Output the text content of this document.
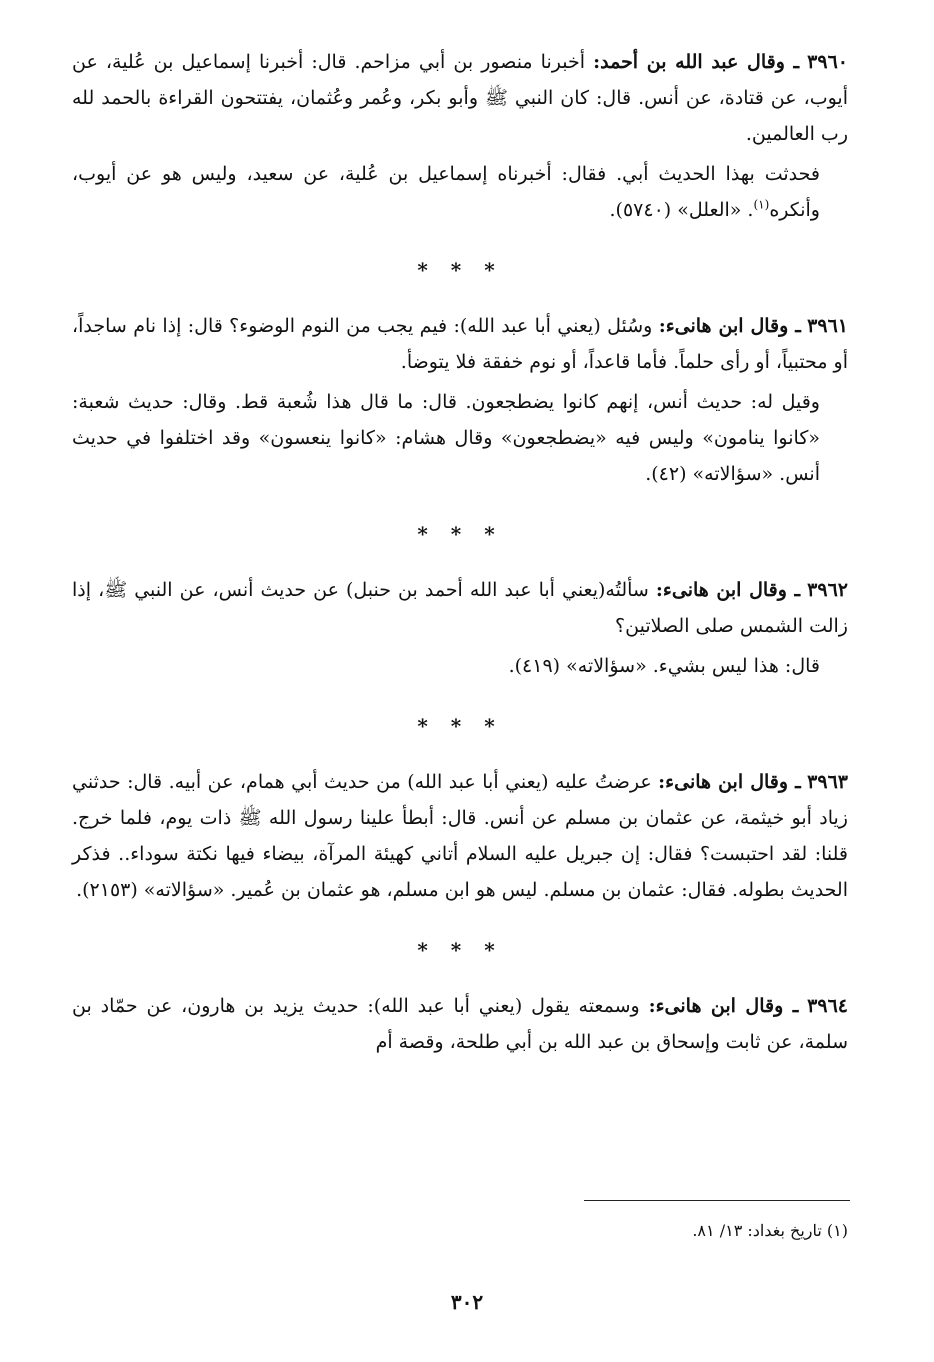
٣٩٦٠ ـ وقال عبد الله بن أحمد: أخبرنا منصور بن أبي مزاحم. قال: أخبرنا إسماعيل بن عُلية، عن أيوب، عن قتادة، عن أنس. قال: كان النبي ﷺ وأبو بكر، وعُمر وعُثمان، يفتتحون القراءة بالحمد لله رب العالمين.

فحدثت بهذا الحديث أبي. فقال: أخبرناه إسماعيل بن عُلية، عن سعيد، وليس هو عن أيوب، وأنكره$^{(١)}$. «العلل» (٥٧٤٠).

* * *

٣٩٦١ ـ وقال ابن هانىء: وسُئل (يعني أبا عبد الله): فيم يجب من النوم الوضوء؟ قال: إذا نام ساجداً، أو محتبياً، أو رأى حلماً. فأما قاعداً، أو نوم خفقة فلا يتوضأ.

وقيل له: حديث أنس، إنهم كانوا يضطجعون. قال: ما قال هذا شُعبة قط. وقال: حديث شعبة: «كانوا ينامون» وليس فيه «يضطجعون» وقال هشام: «كانوا ينعسون» وقد اختلفوا في حديث أنس. «سؤالاته» (٤٢).

* * *

٣٩٦٢ ـ وقال ابن هانىء: سألتُه(يعني أبا عبد الله أحمد بن حنبل) عن حديث أنس، عن النبي ﷺ، إذا زالت الشمس صلى الصلاتين؟

قال: هذا ليس بشيء. «سؤالاته» (٤١٩).

* * *

٣٩٦٣ ـ وقال ابن هانىء: عرضتُ عليه (يعني أبا عبد الله) من حديث أبي همام، عن أبيه. قال: حدثني زياد أبو خيثمة، عن عثمان بن مسلم عن أنس. قال: أبطأ علينا رسول الله ﷺ ذات يوم، فلما خرج. قلنا: لقد احتبست؟ فقال: إن جبريل عليه السلام أتاني كهيئة المرآة، بيضاء فيها نكتة سوداء.. فذكر الحديث بطوله. فقال: عثمان بن مسلم. ليس هو ابن مسلم، هو عثمان بن عُمير. «سؤالاته» (٢١٥٣).

* * *

٣٩٦٤ ـ وقال ابن هانىء: وسمعته يقول (يعني أبا عبد الله): حديث يزيد بن هارون، عن حمّاد بن سلمة، عن ثابت وإسحاق بن عبد الله بن أبي طلحة، وقصة أم

(١) تاريخ بغداد: ١٣/ ٨١.
٣٠٢
